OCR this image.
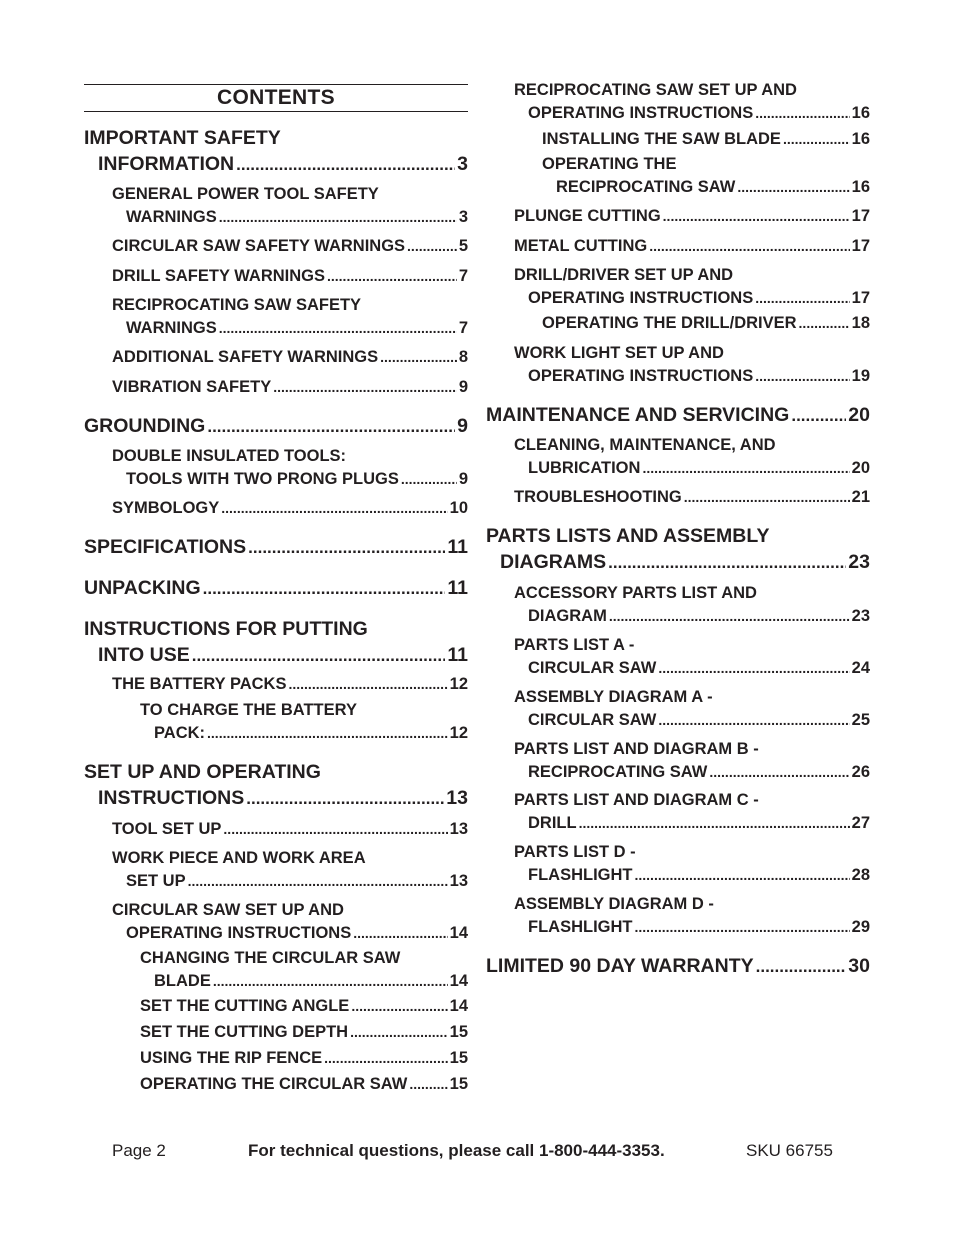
CONTENTS
IMPORTANT SAFETY
INFORMATION .....	3
GENERAL POWER TOOL SAFETY
WARNINGS .....	3
CIRCULAR SAW SAFETY WARNINGS .....	5
DRILL SAFETY WARNINGS .....	7
RECIPROCATING SAW SAFETY
WARNINGS .....	7
ADDITIONAL SAFETY WARNINGS .....	8
VIBRATION SAFETY .....	9
GROUNDING .....	9
DOUBLE INSULATED TOOLS:
TOOLS WITH TWO PRONG PLUGS .....	9
SYMBOLOGY .....	10
SPECIFICATIONS .....	11
UNPACKING .....	11
INSTRUCTIONS FOR PUTTING
INTO USE .....	11
THE BATTERY PACKS .....	12
TO CHARGE THE BATTERY
PACK: .....	12
SET UP AND OPERATING
INSTRUCTIONS .....	13
TOOL SET UP .....	13
WORK PIECE AND WORK AREA
SET UP .....	13
CIRCULAR SAW SET UP AND
OPERATING INSTRUCTIONS .....	14
CHANGING THE CIRCULAR SAW
BLADE .....	14
SET THE CUTTING ANGLE .....	14
SET THE CUTTING DEPTH .....	15
USING THE RIP FENCE .....	15
OPERATING THE CIRCULAR SAW .....	15
RECIPROCATING SAW SET UP AND
OPERATING INSTRUCTIONS .....	16
INSTALLING THE SAW BLADE .....	16
OPERATING THE
RECIPROCATING SAW .....	16
PLUNGE CUTTING .....	17
METAL CUTTING .....	17
DRILL/DRIVER SET UP AND
OPERATING INSTRUCTIONS .....	17
OPERATING THE DRILL/DRIVER .....	18
WORK LIGHT SET UP AND
OPERATING INSTRUCTIONS .....	19
MAINTENANCE AND SERVICING .....	20
CLEANING, MAINTENANCE, AND
LUBRICATION .....	20
TROUBLESHOOTING .....	21
PARTS LISTS AND ASSEMBLY
DIAGRAMS .....	23
ACCESSORY PARTS LIST AND
DIAGRAM .....	23
PARTS LIST A -
CIRCULAR SAW .....	24
ASSEMBLY DIAGRAM A -
CIRCULAR SAW .....	25
PARTS LIST AND DIAGRAM B -
RECIPROCATING SAW .....	26
PARTS LIST AND DIAGRAM C -
DRILL .....	27
PARTS LIST D -
FLASHLIGHT .....	28
ASSEMBLY DIAGRAM D -
FLASHLIGHT .....	29
LIMITED 90 DAY WARRANTY .....	30
Page 2	For technical questions, please call 1-800-444-3353.	SKU 66755
